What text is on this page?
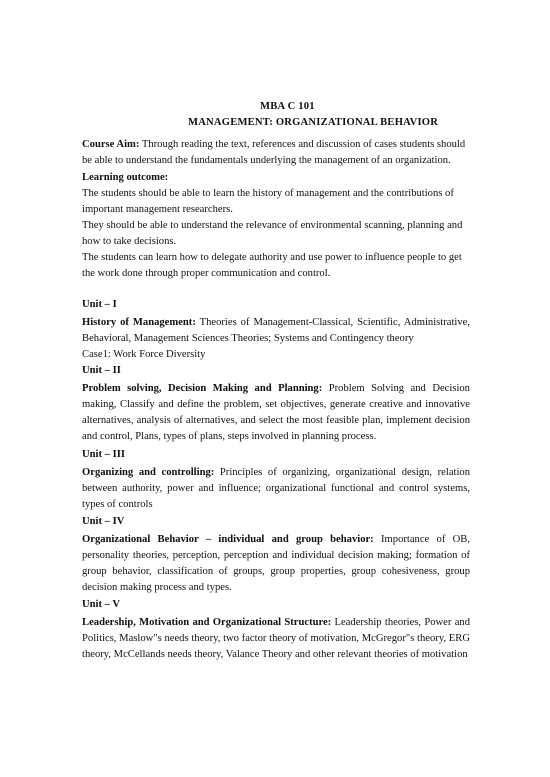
MBA C 101
MANAGEMENT: ORGANIZATIONAL BEHAVIOR

Course Aim: Through reading the text, references and discussion of cases students should be able to understand the fundamentals underlying the management of an organization.

Learning outcome:
The students should be able to learn the history of management and the contributions of important management researchers.
They should be able to understand the relevance of environmental scanning, planning and how to take decisions.
The students can learn how to delegate authority and use power to influence people to get the work done through proper communication and control.
Unit – I

History of Management: Theories of Management-Classical, Scientific, Administrative, Behavioral, Management Sciences Theories; Systems and Contingency theory

Case1: Work Force Diversity
Unit – II

Problem solving, Decision Making and Planning: Problem Solving and Decision making, Classify and define the problem, set objectives, generate creative and innovative alternatives, analysis of alternatives, and select the most feasible plan, implement decision and control, Plans, types of plans, steps involved in planning process.

Unit – III

Organizing and controlling: Principles of organizing, organizational design, relation between authority, power and influence; organizational functional and control systems, types of controls

Unit – IV

Organizational Behavior – individual and group behavior: Importance of OB, personality theories, perception, perception and individual decision making; formation of group behavior, classification of groups, group properties, group cohesiveness, group decision making process and types.

Unit – V

Leadership, Motivation and Organizational Structure: Leadership theories, Power and Politics, Maslow"s needs theory, two factor theory of motivation, McGregor"s theory, ERG theory, McCellands needs theory, Valance Theory and other relevant theories of motivation
